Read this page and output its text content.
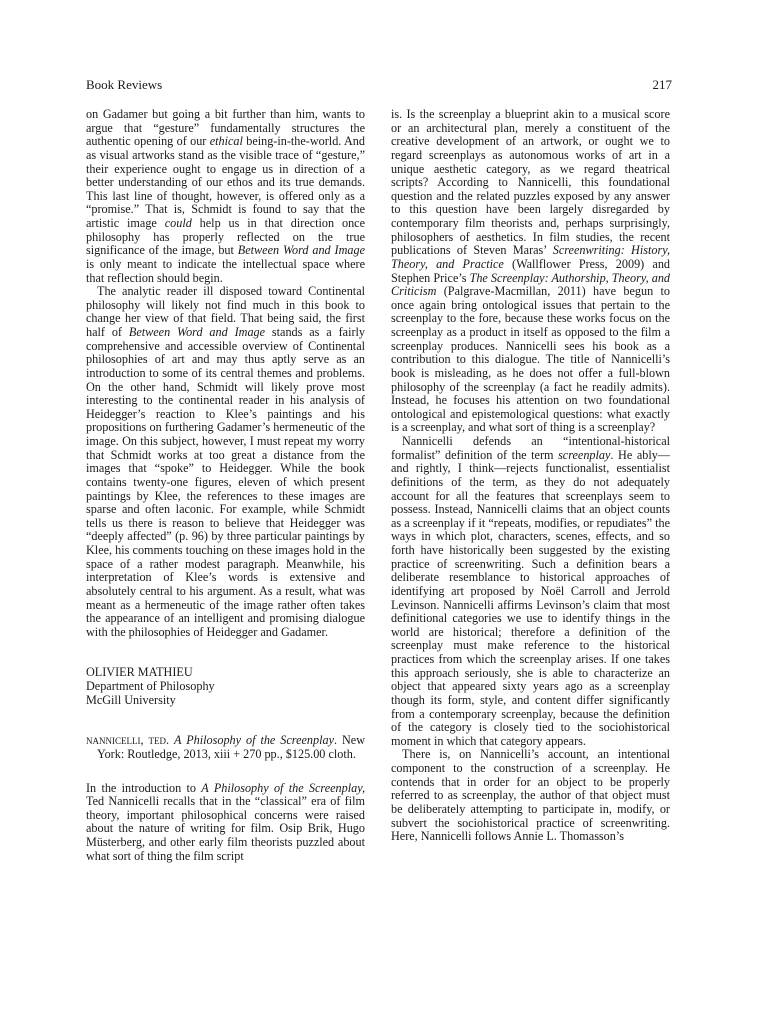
Book Reviews	217

on Gadamer but going a bit further than him, wants to argue that “gesture” fundamentally structures the authentic opening of our ethical being-in-the-world. And as visual artworks stand as the visible trace of “gesture,” their experience ought to engage us in direction of a better understanding of our ethos and its true demands. This last line of thought, however, is offered only as a “promise.” That is, Schmidt is found to say that the artistic image could help us in that direction once philosophy has properly reflected on the true significance of the image, but Between Word and Image is only meant to indicate the intellectual space where that reflection should begin.

The analytic reader ill disposed toward Continental philosophy will likely not find much in this book to change her view of that field. That being said, the first half of Between Word and Image stands as a fairly comprehensive and accessible overview of Continental philosophies of art and may thus aptly serve as an introduction to some of its central themes and problems. On the other hand, Schmidt will likely prove most interesting to the continental reader in his analysis of Heidegger’s reaction to Klee’s paintings and his propositions on furthering Gadamer’s hermeneutic of the image. On this subject, however, I must repeat my worry that Schmidt works at too great a distance from the images that “spoke” to Heidegger. While the book contains twenty-one figures, eleven of which present paintings by Klee, the references to these images are sparse and often laconic. For example, while Schmidt tells us there is reason to believe that Heidegger was “deeply affected” (p. 96) by three particular paintings by Klee, his comments touching on these images hold in the space of a rather modest paragraph. Meanwhile, his interpretation of Klee’s words is extensive and absolutely central to his argument. As a result, what was meant as a hermeneutic of the image rather often takes the appearance of an intelligent and promising dialogue with the philosophies of Heidegger and Gadamer.

OLIVIER MATHIEU

Department of Philosophy

McGill University

nannicelli, ted. A Philosophy of the Screenplay. New York: Routledge, 2013, xiii + 270 pp., $125.00 cloth.

In the introduction to A Philosophy of the Screenplay, Ted Nannicelli recalls that in the “classical” era of film theory, important philosophical concerns were raised about the nature of writing for film. Osip Brik, Hugo Müsterberg, and other early film theorists puzzled about what sort of thing the film script

is. Is the screenplay a blueprint akin to a musical score or an architectural plan, merely a constituent of the creative development of an artwork, or ought we to regard screenplays as autonomous works of art in a unique aesthetic category, as we regard theatrical scripts? According to Nannicelli, this foundational question and the related puzzles exposed by any answer to this question have been largely disregarded by contemporary film theorists and, perhaps surprisingly, philosophers of aesthetics. In film studies, the recent publications of Steven Maras’ Screenwriting: History, Theory, and Practice (Wallflower Press, 2009) and Stephen Price’s The Screenplay: Authorship, Theory, and Criticism (Palgrave-Macmillan, 2011) have begun to once again bring ontological issues that pertain to the screenplay to the fore, because these works focus on the screenplay as a product in itself as opposed to the film a screenplay produces. Nannicelli sees his book as a contribution to this dialogue. The title of Nannicelli’s book is misleading, as he does not offer a full-blown philosophy of the screenplay (a fact he readily admits). Instead, he focuses his attention on two foundational ontological and epistemological questions: what exactly is a screenplay, and what sort of thing is a screenplay?

Nannicelli defends an “intentional-historical formalist” definition of the term screenplay. He ably—and rightly, I think—rejects functionalist, essentialist definitions of the term, as they do not adequately account for all the features that screenplays seem to possess. Instead, Nannicelli claims that an object counts as a screenplay if it “repeats, modifies, or repudiates” the ways in which plot, characters, scenes, effects, and so forth have historically been suggested by the existing practice of screenwriting. Such a definition bears a deliberate resemblance to historical approaches of identifying art proposed by Noël Carroll and Jerrold Levinson. Nannicelli affirms Levinson’s claim that most definitional categories we use to identify things in the world are historical; therefore a definition of the screenplay must make reference to the historical practices from which the screenplay arises. If one takes this approach seriously, she is able to characterize an object that appeared sixty years ago as a screenplay though its form, style, and content differ significantly from a contemporary screenplay, because the definition of the category is closely tied to the sociohistorical moment in which that category appears.

There is, on Nannicelli’s account, an intentional component to the construction of a screenplay. He contends that in order for an object to be properly referred to as screenplay, the author of that object must be deliberately attempting to participate in, modify, or subvert the sociohistorical practice of screenwriting. Here, Nannicelli follows Annie L. Thomasson’s
